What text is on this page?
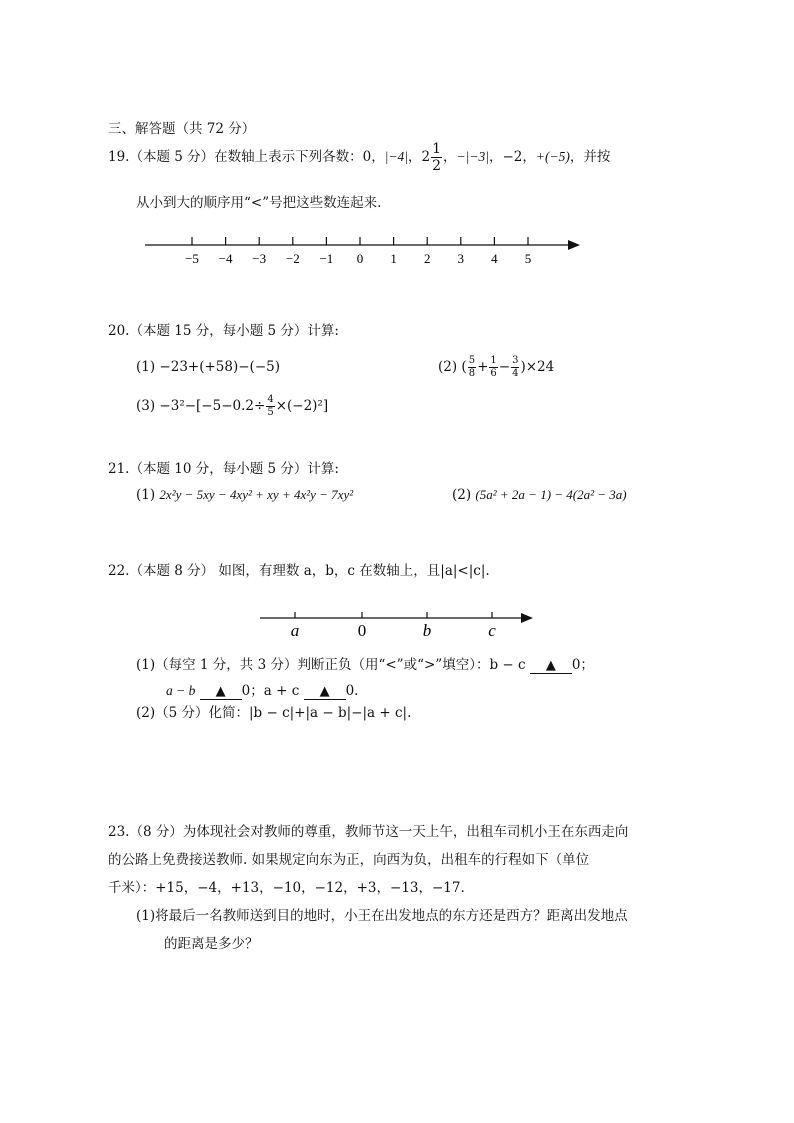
三、解答题（共 72 分）
19.（本题 5 分）在数轴上表示下列各数：0，|−4|，$2 \frac{1}{2}$ ，−|−3|，−2，+(−5)，并按
从小到大的顺序用“<”号把这些数连起来.
−5 −4 −3 −2 −1 0 1 2 3 4 5
20.（本题 15 分，每小题 5 分）计算:
(1) −23+(+58)−(−5)	(2) ( $\frac{5}{8} + \frac{1}{6} - \frac{3}{4} )\times 24$
$(3) -3^2-[-5-0.2\div \frac{4}{5} \times(-2)^2]$
21.（本题 10 分，每小题 5 分）计算:
(1) 2x²y − 5xy − 4xy² + xy + 4x²y − 7xy²	(2) (5a² + 2a − 1) − 4(2a² − 3a)
22.（本题 8 分） 如图，有理数 a，b，c 在数轴上，且|a|<|c|.
a	0	b	c
(1)（每空 1 分，共 3 分）判断正负（用“<”或“>”填空）：b − c ▲ 0；
a − b ▲ 0；a + c ▲ 0.
(2)（5 分）化简：|b − c|+|a − b|−|a + c|.
23.（8 分）为体现社会对教师的尊重，教师节这一天上午，出租车司机小王在东西走向
的公路上免费接送教师. 如果规定向东为正，向西为负，出租车的行程如下（单位
千米）：+15，−4，+13，−10，−12，+3，−13，−17.
(1)将最后一名教师送到目的地时，小王在出发地点的东方还是西方？距离出发地点
的距离是多少？
